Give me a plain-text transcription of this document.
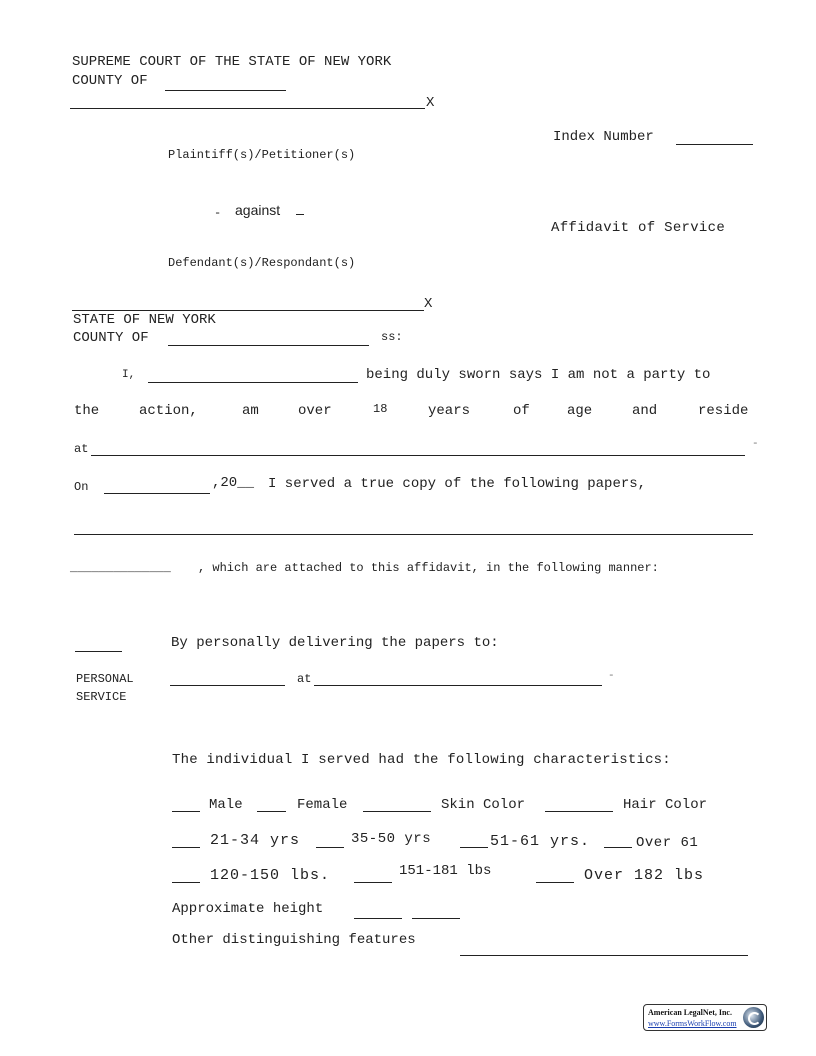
SUPREME COURT OF THE STATE OF NEW YORK
COUNTY OF
X
Index Number
Plaintiff(s)/Petitioner(s)
- against
Affidavit of Service
Defendant(s)/Respondant(s)
X
STATE OF NEW YORK
COUNTY OF	ss:
I,	being duly sworn says I am not a party to
the	action,	am	over	18	years	of	age	and	reside
at	-
On	,20__ I served a true copy of the following papers,
______________ , which are attached to this affidavit, in the following manner:
By personally delivering the papers to:
PERSONAL
SERVICE
at	-
The individual I served had the following characteristics:
Male	Female	Skin Color	Hair Color
21-34 yrs	35-50 yrs	51-61 yrs.	Over 61
120-150 lbs.	151-181 lbs	Over 182 lbs
Approximate height
Other distinguishing features
American LegalNet, Inc.
www.FormsWorkFlow.com
